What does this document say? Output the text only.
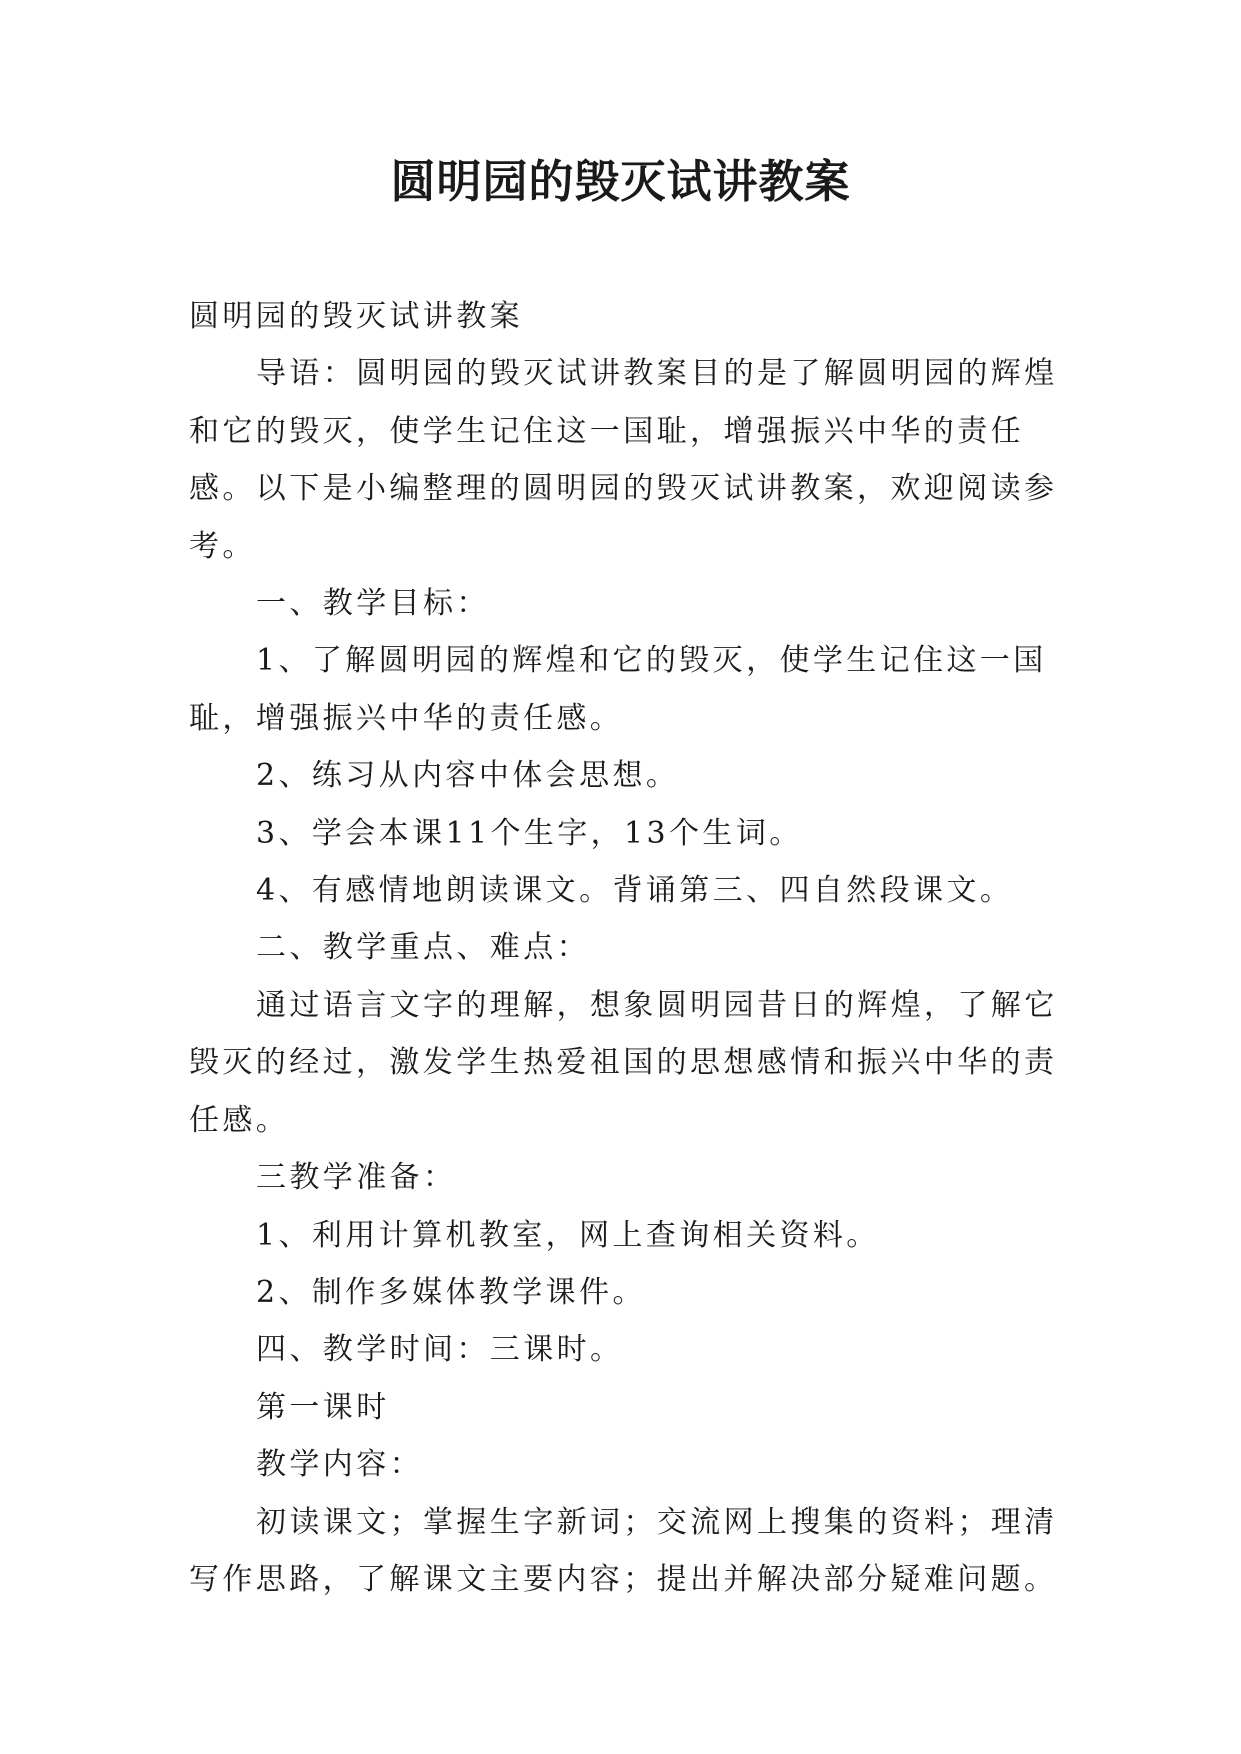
圆明园的毁灭试讲教案

圆明园的毁灭试讲教案

导语：圆明园的毁灭试讲教案目的是了解圆明园的辉煌和它的毁灭，使学生记住这一国耻，增强振兴中华的责任感。以下是小编整理的圆明园的毁灭试讲教案，欢迎阅读参考。

一、教学目标：

1、了解圆明园的辉煌和它的毁灭，使学生记住这一国耻，增强振兴中华的责任感。

2、练习从内容中体会思想。

3、学会本课11个生字，13个生词。

4、有感情地朗读课文。背诵第三、四自然段课文。

二、教学重点、难点：

通过语言文字的理解，想象圆明园昔日的辉煌，了解它毁灭的经过，激发学生热爱祖国的思想感情和振兴中华的责任感。

三教学准备：

1、利用计算机教室，网上查询相关资料。

2、制作多媒体教学课件。

四、教学时间：三课时。

第一课时

教学内容：

初读课文；掌握生字新词；交流网上搜集的资料；理清写作思路，了解课文主要内容；提出并解决部分疑难问题。
